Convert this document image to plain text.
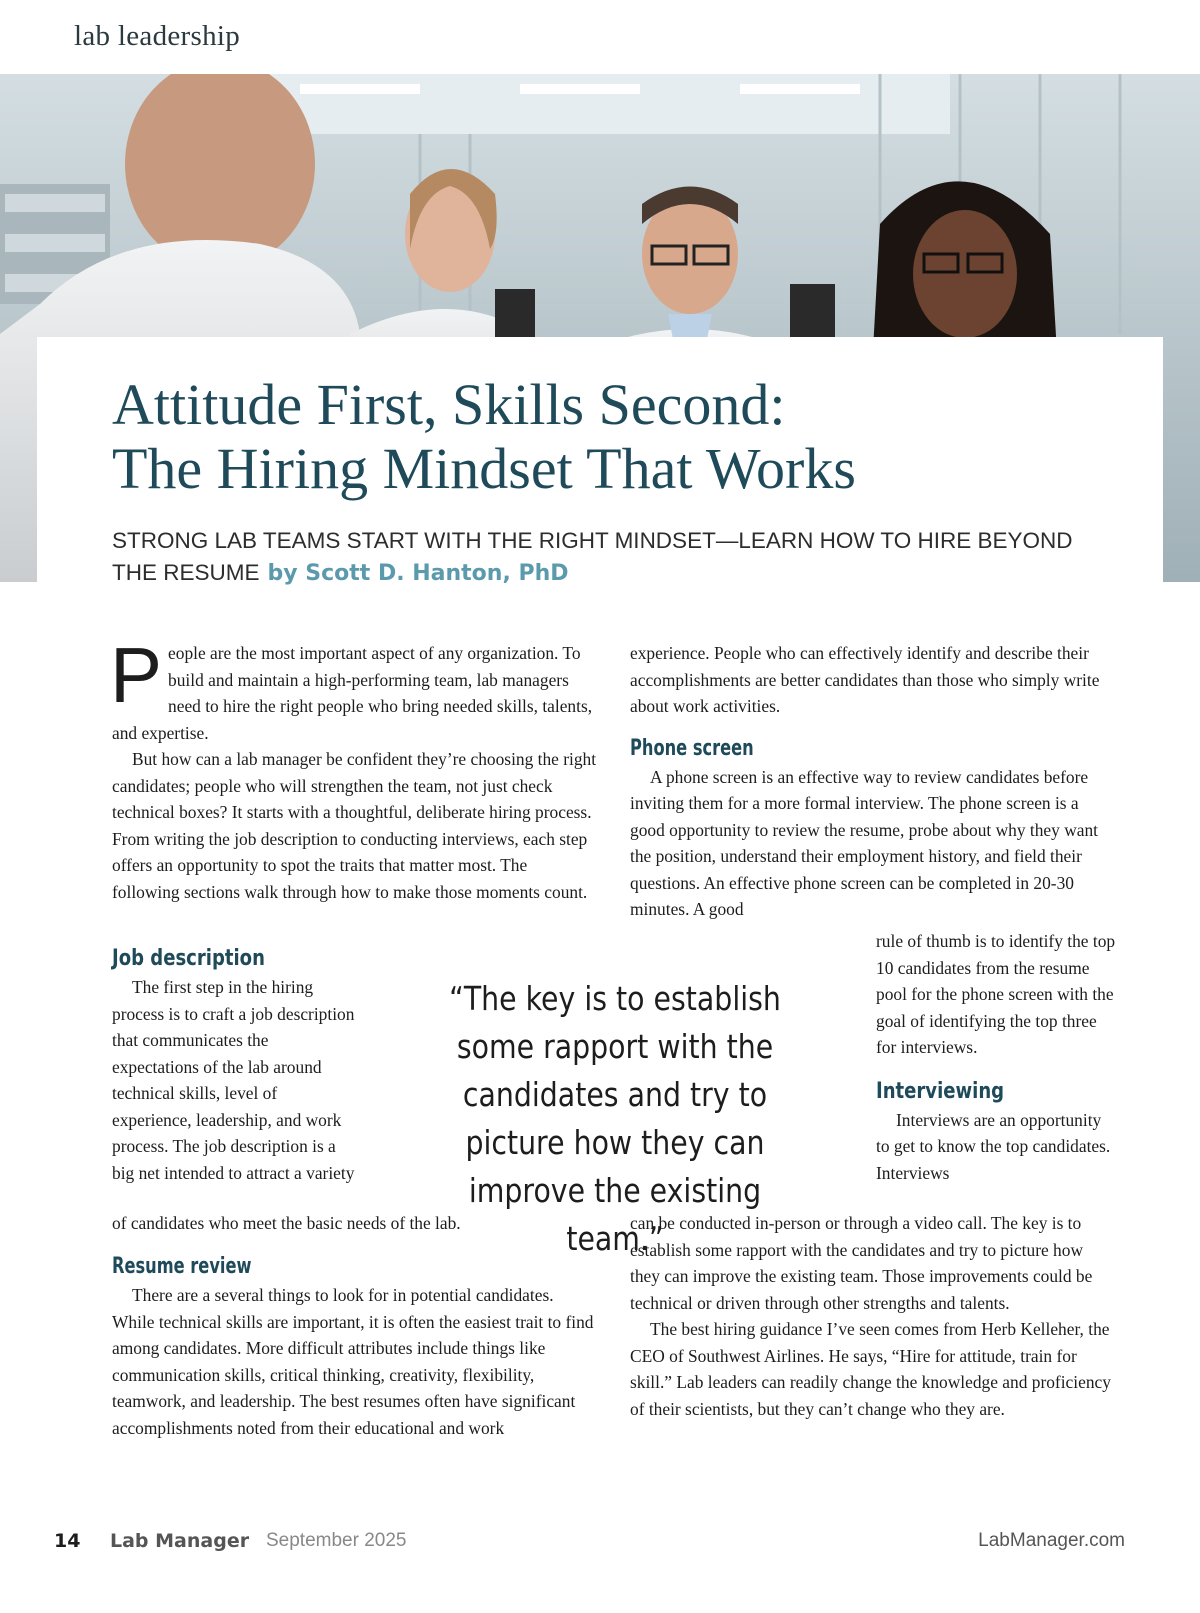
lab leadership
Attitude First, Skills Second:
The Hiring Mindset That Works

STRONG LAB TEAMS START WITH THE RIGHT MINDSET—LEARN HOW TO HIRE BEYOND THE RESUME by Scott D. Hanton, PhD

People are the most important aspect of any organization. To build and maintain a high-performing team, lab managers need to hire the right people who bring needed skills, talents, and expertise.

But how can a lab manager be confident they’re choosing the right candidates; people who will strengthen the team, not just check technical boxes? It starts with a thoughtful, deliberate hiring process. From writing the job description to conducting interviews, each step offers an opportunity to spot the traits that matter most. The following sections walk through how to make those moments count.

Job description

The first step in the hiring process is to craft a job description that communicates the expectations of the lab around technical skills, level of experience, leadership, and work process. The job description is a big net intended to attract a variety

of candidates who meet the basic needs of the lab.

Resume review

There are a several things to look for in potential candidates. While technical skills are important, it is often the easiest trait to find among candidates. More difficult attributes include things like communication skills, critical thinking, creativity, flexibility, teamwork, and leadership. The best resumes often have significant accomplishments noted from their educational and work

“The key is to establish some rapport with the candidates and try to picture how they can improve the existing team.”

experience. People who can effectively identify and describe their accomplishments are better candidates than those who simply write about work activities.

Phone screen

A phone screen is an effective way to review candidates before inviting them for a more formal interview. The phone screen is a good opportunity to review the resume, probe about why they want the position, understand their employment history, and field their questions. An effective phone screen can be completed in 20-30 minutes. A good

rule of thumb is to identify the top 10 candidates from the resume pool for the phone screen with the goal of identifying the top three for interviews.

Interviewing

Interviews are an opportunity to get to know the top candidates. Interviews

can be conducted in-person or through a video call. The key is to establish some rapport with the candidates and try to picture how they can improve the existing team. Those improvements could be technical or driven through other strengths and talents.

The best hiring guidance I’ve seen comes from Herb Kelleher, the CEO of Southwest Airlines. He says, “Hire for attitude, train for skill.” Lab leaders can readily change the knowledge and proficiency of their scientists, but they can’t change who they are.

14 Lab Manager September 2025	LabManager.com
